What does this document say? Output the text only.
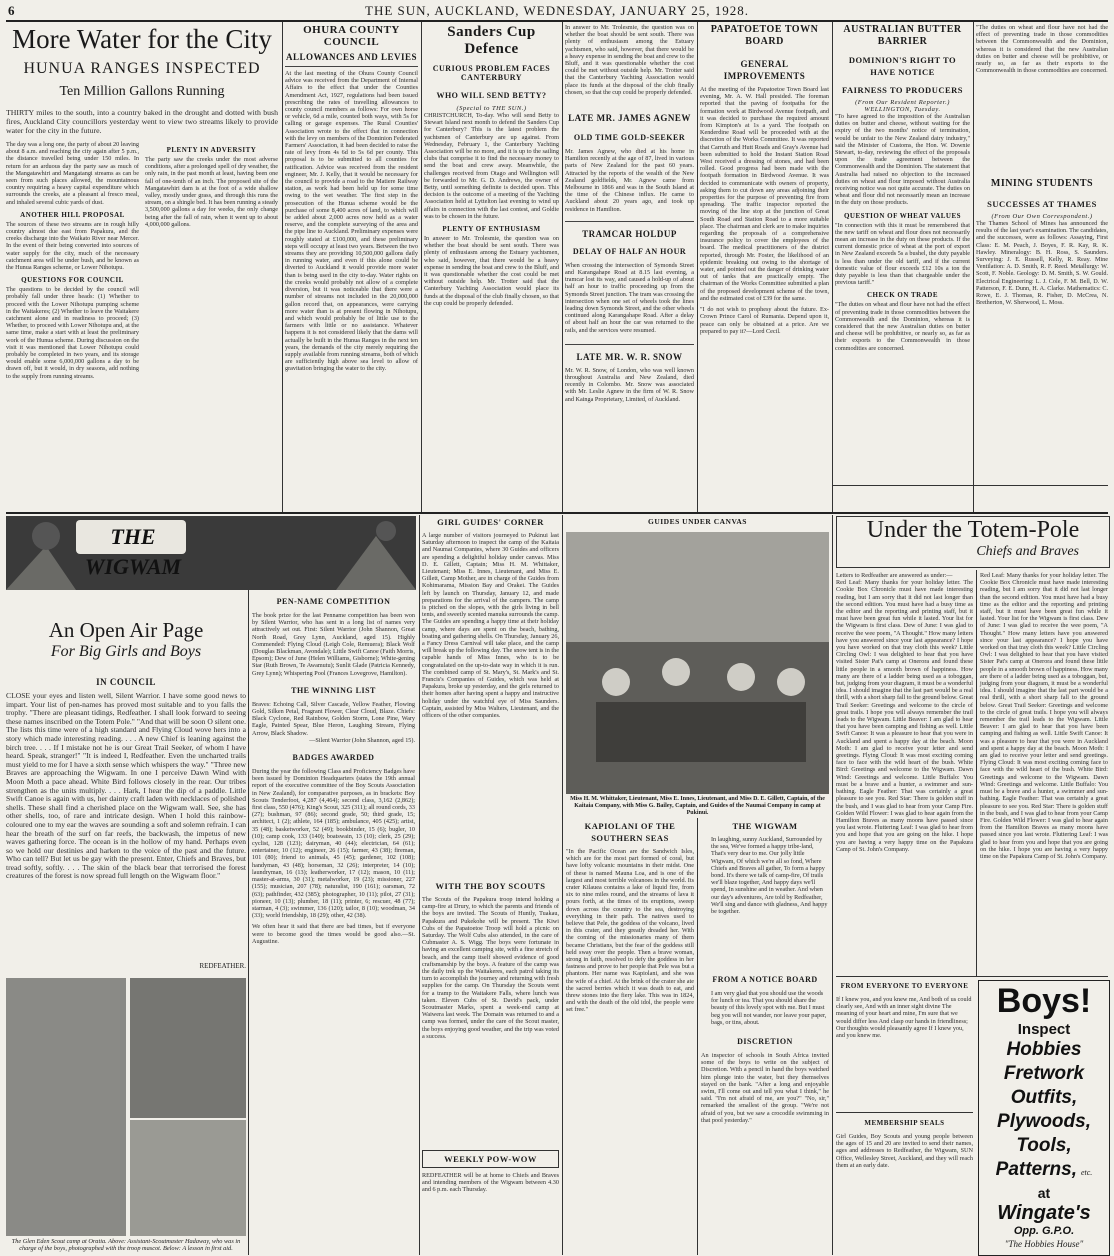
6	THE SUN, AUCKLAND, WEDNESDAY, JANUARY 25, 1928.
More Water for the City
HUNUA RANGES INSPECTED
Ten Million Gallons Running
THIRTY miles to the south, into a country baked in the drought and dotted with bush fires, Auckland City councillors yesterday went to view two streams likely to provide water for the city in the future.
The day was a long one, the party of about 20 leaving about 8 a.m. and reaching the city again after 5 p.m., the distance travelled being under 150 miles. In return for an arduous day the party saw as much of the Mangatawhiri and Mangatangi streams as can be seen from such places allowed, the mountainous country requiring a heavy capital expenditure which surrounds the creeks, ate a pleasant al fresco meal, and inhaled several cubic yards of dust.
ANOTHER HILL PROPOSAL
The sources of these two streams are in rough hilly country almost due east from Papakura, and the creeks discharge into the Waikato River near Mercer. In the event of their being converted into sources of water supply for the city, much of the necessary catchment area will be under bush, and be known as the Hunua Ranges scheme, or Lower Nihotupu.
QUESTIONS FOR COUNCIL
The questions to be decided by the council will probably fall under three heads: (1) Whether to proceed with the Lower Nihotupu pumping scheme in the Waitakeres; (2) Whether to leave the Waitakere catchment alone and in readiness to proceed; (3) Whether, to proceed with Lower Nihotupu and, at the same time, make a start with at least the preliminary work of the Hunua scheme. During discussion on the visit it was mentioned that Lower Nihotupu could probably be completed in two years, and its storage would enable some 6,000,000 gallons a day to be drawn off, but it would, in dry seasons, add nothing to the supply from running streams.
PLENTY IN ADVERSITY
The party saw the creeks under the most adverse conditions, after a prolonged spell of dry weather, the only rain, in the past month at least, having been one fall of one-tenth of an inch. The proposed site of the Mangatawhiri dam is at the foot of a wide shallow valley, mostly under grass, and through this runs the stream, on a shingle bed. It has been running a steady 3,500,000 gallons a day for weeks, the only change being after the fall of rain, when it went up to about 4,000,000 gallons.
OHURA COUNTY COUNCIL
ALLOWANCES AND LEVIES
At the last meeting of the Ohura County Council advice was received from the Department of Internal Affairs to the effect that under the Counties Amendment Act, 1927, regulations had been issued prescribing the rates of travelling allowances to county council members as follows: For own horse or vehicle, 6d a mile, counted both ways, with 5s for calling or garage expenses. The Rural Counties' Association wrote to the effect that in connection with the levy on members of the Dominion Federated Farmers' Association, it had been decided to raise the rate of levy from 4s 6d to 5s 6d per county. This proposal is to be submitted to all counties for ratification. Advice was received from the resident engineer, Mr. J. Kelly, that it would be necessary for the council to provide a road to the Matiere Railway station, as work had been held up for some time owing to the wet weather. The first step in the prosecution of the Hunua scheme would be the purchase of some 8,400 acres of land, to which will be added about 2,000 acres now held as a water reserve, and the complete surveying of the area and the pipe line to Auckland. Preliminary expenses were roughly stated at £100,000, and these preliminary steps will occupy at least two years. Between the two streams they are providing 10,500,000 gallons daily in running water, and even if this alone could be diverted to Auckland it would provide more water than is being used in the city to-day. Water rights on the creeks would probably not allow of a complete diversion, but it was noticeable that there were a number of streams not included in the 20,000,000 gallon record that, on appearances, were carrying more water than is at present flowing in Nihotupu, and which would probably be of little use to the farmers with little or no assistance. Whatever happens it is not considered likely that the dams will actually be built in the Hunua Ranges in the next ten years, the demands of the city merely requiring the supply available from running streams, both of which are sufficiently high above sea level to allow of gravitation bringing the water to the city.
Sanders Cup Defence
CURIOUS PROBLEM FACES CANTERBURY
WHO WILL SEND BETTY?
(Special to THE SUN.)
CHRISTCHURCH, To-day. Who will send Betty to Stewart Island next month to defend the Sanders Cup for Canterbury? This is the latest problem the yachtsmen of Canterbury are up against. From Wednesday, February 1, the Canterbury Yachting Association will be no more, and it is up to the sailing clubs that comprise it to find the necessary money to send the boat and crew away. Meanwhile, the challenges received from Otago and Wellington will be forwarded to Mr. G. D. Andrews, the owner of Betty, until something definite is decided upon. This decision is the outcome of a meeting of the Yachting Association held at Lyttelton last evening to wind up affairs in connection with the last contest, and Goldie was to be chosen in the future.
PLENTY OF ENTHUSIASM
In answer to Mr. Trolesmie, the question was on whether the boat should be sent south. There was plenty of enthusiasm among the Estuary yachtsmen, who said, however, that there would be a heavy expense in sending the boat and crew to the Bluff, and it was questionable whether the cost could be met without outside help. Mr. Trotter said that the Canterbury Yachting Association would place its funds at the disposal of the club finally chosen, so that the cup could be properly defended.
In answer to Mr. Trolesmie, the question was on whether the boat should be sent south. There was plenty of enthusiasm among the Estuary yachtsmen, who said, however, that there would be a heavy expense in sending the boat and crew to the Bluff, and it was questionable whether the cost could be met without outside help. Mr. Trotter said that the Canterbury Yachting Association would place its funds at the disposal of the club finally chosen, so that the cup could be properly defended.
LATE MR. JAMES AGNEW
OLD TIME GOLD-SEEKER
Mr. James Agnew, who died at his home in Hamilton recently at the age of 87, lived in various parts of New Zealand for the past 60 years. Attracted by the reports of the wealth of the New Zealand goldfields, Mr. Agnew came from Melbourne in 1866 and was in the South Island at the time of the Chinese influx. He came to Auckland about 20 years ago, and took up residence in Hamilton.
TRAMCAR HOLDUP
DELAY OF HALF AN HOUR
When crossing the intersection of Symonds Street and Karangahape Road at 8.15 last evening, a tramcar lost its way, and caused a hold-up of about half an hour to traffic proceeding up from the Symonds Street junction. The tram was crossing the intersection when one set of wheels took the lines leading down Symonds Street, and the other wheels continued along Karangahape Road. After a delay of about half an hour the car was returned to the rails, and the services were resumed.
LATE MR. W. R. SNOW
Mr. W. R. Snow, of London, who was well known throughout Australia and New Zealand, died recently in Colombo. Mr. Snow was associated with Mr. Leslie Agnew in the firm of W. R. Snow and Kainga Proprietary, Limited, of Auckland.
PAPATOETOE TOWN BOARD
GENERAL IMPROVEMENTS
At the meeting of the Papatoetoe Town Board last evening, Mr. A. W. Hall presided. The foreman reported that the paving of footpaths for the formation work at Birdwood Avenue footpath, and it was decided to purchase the required amount from Kimpton's at 1s a yard. The footpath on Kenderdine Road will be proceeded with at the discretion of the Works Committee. It was reported that Carruth and Hutt Roads and Gray's Avenue had been submitted to hold the Instant Station Road West received a dressing of stones, and had been rolled. Good progress had been made with the footpath formation in Birdwood Avenue. It was decided to communicate with owners of property, asking them to cut down any areas adjoining their properties for the purpose of preventing fire from spreading. The traffic inspector reported the moving of the line stop at the junction of Great South Road and Station Road to a more suitable place. The chairman and clerk are to make inquiries regarding the proposals of a comprehensive insurance policy to cover the employees of the board. The medical practitioners of the district reported, through Mr. Foster, the likelihood of an epidemic breaking out owing to the shortage of water, and pointed out the danger of drinking water out of tanks that are practically empty. The chairman of the Works Committee submitted a plan of the proposed development scheme of the town, and the estimated cost of £39 for the same.
"I do not wish to prophesy about the future. Ex-Crown Prince Carol of Rumania. Depend upon it, peace can only be obtained at a price. Are we prepared to pay it?—Lord Cecil.
AUSTRALIAN BUTTER BARRIER
DOMINION'S RIGHT TO HAVE NOTICE
FAIRNESS TO PRODUCERS
(From Our Resident Reporter.) WELLINGTON, Tuesday.
"To have agreed to the imposition of the Australian duties on butter and cheese, without waiting for the expiry of the two months' notice of termination, would be unfair to the New Zealand dairy industry," said the Minister of Customs, the Hon. W. Downie Stewart, to-day, reviewing the effect of the proposals upon the trade agreement between the Commonwealth and the Dominion. The statement that Australia had raised no objection to the increased duties on wheat and flour imposed without Australia receiving notice was not quite accurate. The duties on wheat and flour did not necessarily mean an increase in the duty on those products.
QUESTION OF WHEAT VALUES
"In connection with this it must be remembered that the new tariff on wheat and flour does not necessarily mean an increase in the duty on these products. If the current domestic price of wheat at the port of export in New Zealand exceeds 5s a bushel, the duty payable is less than under the old tariff, and if the current domestic value of flour exceeds £12 10s a ton the duty payable is less than that chargeable under the previous tariff."
CHECK ON TRADE
"The duties on wheat and flour have not had the effect of preventing trade in those commodities between the Commonwealth and the Dominion, whereas it is considered that the new Australian duties on butter and cheese will be prohibitive, or nearly so, as far as their exports to the Commonwealth in those commodities are concerned.
"The duties on wheat and flour have not had the effect of preventing trade in those commodities between the Commonwealth and the Dominion, whereas it is considered that the new Australian duties on butter and cheese will be prohibitive, or nearly so, as far as their exports to the Commonwealth in those commodities are concerned.
MINING STUDENTS
SUCCESSES AT THAMES
(From Our Own Correspondent.)
The Thames School of Mines has announced the results of the last year's examination. The candidates, and the successes, were as follows: Assaying, First Class: E. M. Peach, J. Boyes, F. R. Kay, R. K. Hawley. Mineralogy: B. H. Ross, S. Saunders. Surveying: J. E. Russell, Kelly, R. Reay. Mine Ventilation: A. D. Smith, R. F. Reed. Metallurgy: W. Scott, F. Noble. Geology: D. M. Smith, S. W. Gould. Electrical Engineering: L. J. Cole, F. M. Bell, D. W. Patterson, F. E. Dunn, H. A. Clarke. Mathematics: C. Rowe, E. J. Thomas, R. Fisher, D. McCrea, N. Bretherton, W. Sherwood, L. Moss.
THE WIGWAM
An Open Air Page
For Big Girls and Boys
IN COUNCIL
CLOSE your eyes and listen well, Silent Warrior. I have some good news to impart. Your list of pen-names has proved most suitable and to you falls the trophy. "There are pleasant tidings, Redfeather. I shall look forward to seeing these names inscribed on the Totem Pole." "And that will be soon O silent one. The lists this time were of a high standard and Flying Cloud wove hers into a story which made interesting reading. . . . A new Chief is leaning against the birch tree. . . . If I mistake not he is our Great Trail Seeker, of whom I have heard. Speak, stranger!" "It is indeed I, Redfeather. Even the uncharted trails must yield to me for I have a sixth sense which whispers the way." "Three new Braves are approaching the Wigwam. In one I perceive Dawn Wind with Moon Moth a pace ahead. White Bird follows closely in the rear. Our tribes strengthen as the units multiply. . . . Hark, I hear the dip of a paddle. Little Swift Canoe is again with us, her dainty craft laden with necklaces of polished shells. These shall find a cherished place on the Wigwam wall. See, she has other shells, too, of rare and intricate design. When I hold this rainbow-coloured one to my ear the waves are sounding a soft and solemn refrain. I can hear the breath of the surf on far reefs, the backwash, the impetus of new waves gathering force. The ocean is in the hollow of my hand. Perhaps even so we hold our destinies and harken to the voice of the past and the future. Who can tell? But let us be gay with the present. Enter, Chiefs and Braves, but tread softly, softly. . . . The skin of the black bear that terrorised the forest creatures of the forest is now spread full length on the Wigwam floor."
REDFEATHER.
The Glen Eden Scout camp at Oratia. Above: Assistant-Scoutmaster Hadaway, who was in charge of the boys, photographed with the troop mascot. Below: A lesson in first aid.
PEN-NAME COMPETITION
The book prize for the last Penname competition has been won by Silent Warrior, who has sent in a long list of names very attractively set out. First: Silent Warrior (John Shannon, Great North Road, Grey Lynn, Auckland, aged 15). Highly Commended: Flying Cloud (Leigh Cole, Remuera); Black Wolf (Douglas Blackman, Avondale); Little Swift Canoe (Faith Morris, Epsom); Dew of June (Helen Williams, Gisborne); White-gening Star (Ruth Brown, Te Awamutu); Sunlit Glade (Patricia Kennedy, Grey Lynn); Whispering Pool (Frances Lovegrove, Hamilton).
THE WINNING LIST
Braves: Echoing Call, Silver Cascade, Yellow Feather, Flowing Gold, Silken Petal, Fragrant Flower, Clear Cloud, Blaze. Chiefs: Black Cyclone, Red Rainbow, Golden Storm, Lone Pine, Wary Eagle, Painted Spear, Blue Heron, Laughing Stream, Flying Arrow, Black Shadow.
—Silent Warrior (John Shannon, aged 15).
BADGES AWARDED
During the year the following Class and Proficiency Badges have been issued by Dominion Headquarters (states the 19th annual report of the executive committee of the Boy Scouts Association in New Zealand), for comparative purposes, as in brackets: Boy Scouts Tenderfoot, 4,287 (4,464); second class, 3,162 (2,862); first class, 550 (476); King's Scout, 325 (311); all round cords, 33 (27); bushman, 97 (86); second grade, 50; third grade, 15; architect, 1 (2); athlete, 164 (185); ambulance, 405 (425); artist, 35 (48); basketworker, 52 (49); bookbinder, 15 (6); bugler, 10 (10); camp cook, 133 (140); boatswain, 13 (10); clerk, 25 (29); cyclist, 128 (123); dairyman, 40 (44); electrician, 64 (61); entertainer, 10 (12); engineer, 26 (15); farmer, 43 (38); fireman, 101 (80); friend to animals, 45 (45); gardener, 102 (108); handyman, 43 (48); horseman, 32 (26); interpreter, 14 (10); laundryman, 16 (13); leatherworker, 17 (12); mason, 10 (11); master-at-arms, 30 (31); metalworker, 19 (23); missioner, 227 (155); musician, 207 (78); naturalist, 190 (161); oarsman, 72 (63); pathfinder, 432 (385); photographer, 10 (11); pilot, 27 (31); pioneer, 10 (13); plumber, 18 (11); printer, 6; rescuer, 48 (77); starman, 4 (3); swimmer, 136 (120); tailor, 8 (10); woodman, 34 (33); world friendship, 18 (29); other, 42 (38).
We often hear it said that there are bad times, but if everyone were to become good the times would be good also.—St. Augustine.
GIRL GUIDES' CORNER
A large number of visitors journeyed to Pukinui last Saturday afternoon to inspect the camp of the Kaitaia and Naumai Companies, where 30 Guides and officers are spending a delightful holiday under canvas. Miss D. E. Gillett, Captain; Miss H. M. Whittaker, Lieutenant; Miss E. Innes, Lieutenant, and Miss E. Gillett, Camp Mother, are in charge of the Guides from Kohimarama, Mission Bay and Orakei. The Guides left by launch on Thursday, January 12, and made preparations for the arrival of the campers. The camp is pitched on the slopes, with the girls living in bell tents, and sweetly scented manuka surrounds the camp. The Guides are spending a happy time at their holiday camp, where days are spent on the beach, bathing, boating and gathering shells. On Thursday, January 26, a Fancy Dress Carnival will take place, and the camp will break up the following day. The snow tent is in the capable hands of Miss Innes, who is to be congratulated on the up-to-date way in which it is run. The combined camp of St. Mary's, St. Mark's and St. Francis's Companies of Guides, which was held at Papakura, broke up yesterday, and the girls returned to their homes after having spent a happy and instructive holiday under the watchful eye of Miss Saunders. Captain, assisted by Miss Walters, Lieutenant, and the officers of the other companies.
WITH THE BOY SCOUTS
The Scouts of the Papakura troop intend holding a camp-fire at Drury, to which the parents and friends of the boys are invited. The Scouts of Huntly, Tuakau, Papakura and Pukekohe will be present. The Kiwi Cubs of the Papatoetoe Troop will hold a picnic on Saturday. The Wolf Cubs also attended, in the care of Cubmaster A. S. Wigg. The boys were fortunate in having an excellent camping site, with a fine stretch of beach, and the camp itself showed evidence of good craftsmanship by the boys. A feature of the camp was the daily trek up the Waitakeres, each patrol taking its turn to accomplish the journey and returning with fresh supplies for the camp. On Thursday the Scouts went for a tramp to the Waitakere Falls, where lunch was taken. Eleven Cubs of St. David's pack, under Scoutmaster Marks, spent a week-end camp at Waiwera last week. The Domain was returned to and a camp was formed, under the care of the Scout master, the boys enjoying good weather, and the trip was voted a success.
WEEKLY POW-WOW
REDFEATHER will be at home to Chiefs and Braves and intending members of the Wigwam between 4.30 and 6 p.m. each Thursday.
GUIDES UNDER CANVAS
Miss H. M. Whittaker, Lieutenant, Miss E. Innes, Lieutenant, and Miss D. E. Gillett, Captain, of the Kaitaia Company, with Miss G. Bailey, Captain, and Guides of the Naumai Company in camp at Pukinui.
KAPIOLANI OF THE SOUTHERN SEAS
"In the Pacific Ocean are the Sandwich Isles, which are for the most part formed of coral, but have lofty volcanic mountains in their midst. One of these is named Mauna Loa, and is one of the largest and most terrible volcanoes in the world. Its crater Kilauea contains a lake of liquid fire, from six to nine miles round, and the streams of lava it pours forth, at the times of its eruptions, sweep down across the country to the sea, destroying everything in their path. The natives used to believe that Pele, the goddess of the volcano, lived in this crater, and they greatly dreaded her. With the coming of the missionaries many of them became Christians, but the fear of the goddess still held sway over the people. Then a brave woman, strong in faith, resolved to defy the goddess in her fastness and prove to her people that Pele was but a phantom. Her name was Kapiolani, and she was the wife of a chief. At the brink of the crater she ate the sacred berries which it was death to eat, and threw stones into the fiery lake. This was in 1824, and with the death of the old idol, the people were set free."
THE WIGWAM
In laughing, sunny Auckland, Surrounded by the sea, We've formed a happy tribe-land, That's very dear to me. Our jolly little Wigwam, Of which we're all so fond, Where Chiefs and Braves all gather, To form a happy bond. It's there we talk of camp-fire, Of trails we'll blaze together, And happy days we'll spend, In sunshine and in weather. And when our day's adventures, Are told by Redfeather, We'll sing and dance with gladness, And happy be together.
FROM A NOTICE BOARD
I am very glad that you should use the woods for lunch or tea. That you should share the beauty of this lovely spot with me. But I must beg you will not wander, nor leave your paper, bags, or tins, about.
DISCRETION
An inspector of schools in South Africa invited some of the boys to write on the subject of Discretion. With a pencil in hand the boys watched him plunge into the water, but they themselves stayed on the bank. "After a long and enjoyable swim, I'll come out and tell you what I think," he said. "I'm not afraid of me, are you?" "No, sir," remarked the smallest of the group. "We're not afraid of you, but we saw a crocodile swimming in that pool yesterday."
Under the Totem-Pole
Chiefs and Braves
Letters to Redfeather are answered as under:—
Red Leaf: Many thanks for your holiday letter. The Cookie Box Chronicle must have made interesting reading, but I am sorry that it did not last longer than the second edition. You must have had a busy time as the editor and the reporting and printing staff, but it must have been great fun while it lasted. Your list for the Wigwam is first class. Dew of June: I was glad to receive the wee poem, "A Thought." How many letters have you answered since your last appearance? I hope you have worked on that tray cloth this week? Little Circling Owl: I was delighted to hear that you have visited Sister Pat's camp at Onerora and found these little people in a smooth brown of happiness. How many are there of a ladder being used as a toboggan, but, judging from your diagram, it must be a wonderful idea. I should imagine that the last part would be a real thrill, with a short sharp fall to the ground below. Great Trail Seeker: Greetings and welcome to the circle of great trails. I hope you will always remember the trail leads to the Wigwam. Little Beaver: I am glad to hear that you have been camping and fishing as well. Little Swift Canoe: It was a pleasure to hear that you were in Auckland and spent a happy day at the beach. Moon Moth: I am glad to receive your letter and send greetings. Flying Cloud: It was most exciting coming face to face with the wild heart of the bush. White Bird: Greetings and welcome to the Wigwam. Dawn Wind: Greetings and welcome. Little Buffalo: You must be a brave and a hunter, a swimmer and sun-bathing. Eagle Feather: That was certainly a great pleasure to see you. Red Star: There is golden stuff in the bush, and I was glad to hear from your Camp Fire. Golden Wild Flower: I was glad to hear again from the Hamilton Braves as many moons have passed since you last wrote. Fluttering Leaf: I was glad to hear from you and hope that you are going on the hike. I hope you are having a very happy time on the Papakura Camp of St. John's Company.
Red Leaf: Many thanks for your holiday letter. The Cookie Box Chronicle must have made interesting reading, but I am sorry that it did not last longer than the second edition. You must have had a busy time as the editor and the reporting and printing staff, but it must have been great fun while it lasted. Your list for the Wigwam is first class. Dew of June: I was glad to receive the wee poem, "A Thought." How many letters have you answered since your last appearance? I hope you have worked on that tray cloth this week? Little Circling Owl: I was delighted to hear that you have visited Sister Pat's camp at Onerora and found these little people in a smooth brown of happiness. How many are there of a ladder being used as a toboggan, but, judging from your diagram, it must be a wonderful idea. I should imagine that the last part would be a real thrill, with a short sharp fall to the ground below. Great Trail Seeker: Greetings and welcome to the circle of great trails. I hope you will always remember the trail leads to the Wigwam. Little Beaver: I am glad to hear that you have been camping and fishing as well. Little Swift Canoe: It was a pleasure to hear that you were in Auckland and spent a happy day at the beach. Moon Moth: I am glad to receive your letter and send greetings. Flying Cloud: It was most exciting coming face to face with the wild heart of the bush. White Bird: Greetings and welcome to the Wigwam. Dawn Wind: Greetings and welcome. Little Buffalo: You must be a brave and a hunter, a swimmer and sun-bathing. Eagle Feather: That was certainly a great pleasure to see you. Red Star: There is golden stuff in the bush, and I was glad to hear from your Camp Fire. Golden Wild Flower: I was glad to hear again from the Hamilton Braves as many moons have passed since you last wrote. Fluttering Leaf: I was glad to hear from you and hope that you are going on the hike. I hope you are having a very happy time on the Papakura Camp of St. John's Company.
FROM EVERYONE TO EVERYONE
If I knew you, and you knew me, And both of us could clearly see, And with an inner sight divine The meaning of your heart and mine, I'm sure that we would differ less And clasp our hands in friendliness; Our thoughts would pleasantly agree If I knew you, and you knew me.
MEMBERSHIP SEALS
Girl Guides, Boy Scouts and young people between the ages of 15 and 20 are invited to send their names, ages and addresses to Redfeather, the Wigwam, SUN Office, Wellesley Street, Auckland, and they will reach them at an early date.
Boys!
Inspect
Hobbies
Fretwork
Outfits,
Plywoods,
Tools,
Patterns, etc.
at
Wingate's
Opp. G.P.O.
"The Hobbies House"
